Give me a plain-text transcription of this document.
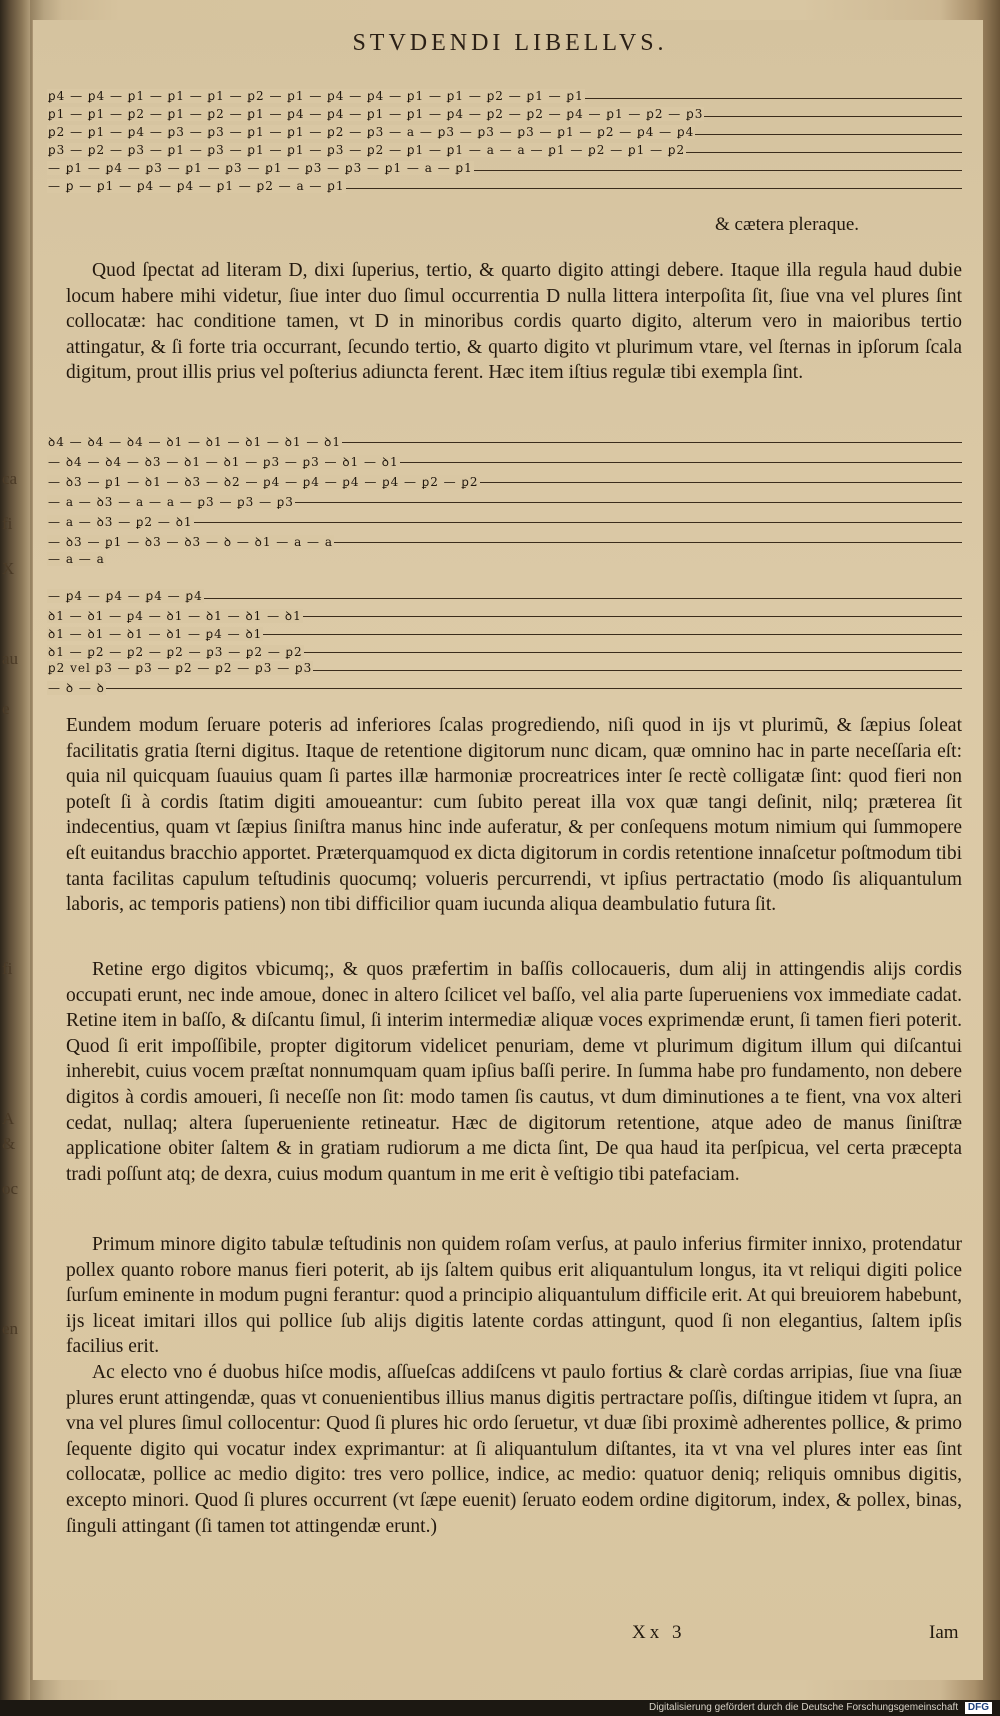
ca
fi
X
au
e
fi
A
&
oc
en
STVDENDI LIBELLVS.
ꝑ4 — ꝑ4 — ꝑ1 — ꝑ1 — ꝑ1 — ꝑ2 — ꝑ1 — ꝑ4 — ꝑ4 — ꝑ1 — ꝑ1 — ꝑ2 — ꝑ1 — ꝑ1
ꝑ1 — ꝑ1 — ꝑ2 — ꝑ1 — ꝑ2 — ꝑ1 — ꝑ4 — ꝑ4 — ꝑ1 — ꝑ1 — ꝑ4 — ꝑ2 — ꝑ2 — ꝑ4 — ꝑ1 — ꝑ2 — ꝑ3
ꝑ2 — ꝑ1 — ꝑ4 — ꝑ3 — ꝑ3 — ꝑ1 — ꝑ1 — ꝑ2 — ꝑ3 — a — ꝑ3 — ꝑ3 — ꝑ3 — ꝑ1 — ꝑ2 — ꝑ4 — ꝑ4
ꝑ3 — ꝑ2 — ꝑ3 — ꝑ1 — ꝑ3 — ꝑ1 — ꝑ1 — ꝑ3 — ꝑ2 — ꝑ1 — ꝑ1 — a — a — ꝑ1 — ꝑ2 — ꝑ1 — ꝑ2
— ꝑ1 — ꝑ4 — ꝑ3 — ꝑ1 — ꝑ3 — ꝑ1 — ꝑ3 — ꝑ3 — ꝑ1 — a — ꝑ1
— ꝑ — ꝑ1 — ꝑ4 — ꝑ4 — ꝑ1 — ꝑ2 — a — ꝑ1
& cætera pleraque.
Quod ſpectat ad literam D, dixi ſuperius, tertio, & quarto digito attingi debere. Itaque illa regula haud dubie locum habere mihi videtur, ſiue inter duo ſimul occurrentia D nulla littera interpoſita ſit, ſiue vna vel plures ſint collocatæ: hac conditione tamen, vt D in minoribus cordis quarto digito, alterum vero in maioribus tertio attingatur, & ſi forte tria occurrant, ſecundo tertio, & quarto digito vt plurimum vtare, vel ſternas in ipſorum ſcala digitum, prout illis prius vel poſterius adiuncta ferent. Hæc item iſtius regulæ tibi exempla ſint.
ꝺ4 — ꝺ4 — ꝺ4 — ꝺ1 — ꝺ1 — ꝺ1 — ꝺ1 — ꝺ1
— ꝺ4 — ꝺ4 — ꝺ3 — ꝺ1 — ꝺ1 — ꝑ3 — ꝑ3 — ꝺ1 — ꝺ1
— ꝺ3 — ꝑ1 — ꝺ1 — ꝺ3 — ꝺ2 — ꝑ4 — ꝑ4 — ꝑ4 — ꝑ4 — ꝑ2 — ꝑ2
— a — ꝺ3 — a — a — ꝑ3 — ꝑ3 — ꝑ3
— a — ꝺ3 — ꝑ2 — ꝺ1
— ꝺ3 — ꝑ1 — ꝺ3 — ꝺ3 — ꝺ — ꝺ1 — a — a
— a — a
— ꝑ4 — ꝑ4 — ꝑ4 — ꝑ4
ꝺ1 — ꝺ1 — ꝑ4 — ꝺ1 — ꝺ1 — ꝺ1 — ꝺ1
ꝺ1 — ꝺ1 — ꝺ1 — ꝺ1 — ꝑ4 — ꝺ1
ꝺ1 — ꝑ2 — ꝑ2 — ꝑ2 — ꝑ3 — ꝑ2 — ꝑ2
ꝑ2 vel ꝑ3 — ꝑ3 — ꝑ2 — ꝑ2 — ꝑ3 — ꝑ3
— ꝺ — ꝺ
Eundem modum ſeruare poteris ad inferiores ſcalas progrediendo, niſi quod in ijs vt plurimũ, & ſæpius ſoleat facilitatis gratia ſterni digitus. Itaque de retentione digitorum nunc dicam, quæ omnino hac in parte neceſſaria eſt: quia nil quicquam ſuauius quam ſi partes illæ harmoniæ procreatrices inter ſe rectè colligatæ ſint: quod fieri non poteſt ſi à cordis ſtatim digiti amoueantur: cum ſubito pereat illa vox quæ tangi deſinit, nilq; præterea ſit indecentius, quam vt ſæpius ſiniſtra manus hinc inde auferatur, & per conſequens motum nimium qui ſummopere eſt euitandus bracchio apportet. Præterquamquod ex dicta digitorum in cordis retentione innaſcetur poſtmodum tibi tanta facilitas capulum teſtudinis quocumq; volueris percurrendi, vt ipſius pertractatio (modo ſis aliquantulum laboris, ac temporis patiens) non tibi difficilior quam iucunda aliqua deambulatio futura ſit.
Retine ergo digitos vbicumq;, & quos præfertim in baſſis collocaueris, dum alij in attingendis alijs cordis occupati erunt, nec inde amoue, donec in altero ſcilicet vel baſſo, vel alia parte ſuperueniens vox immediate cadat. Retine item in baſſo, & diſcantu ſimul, ſi interim intermediæ aliquæ voces exprimendæ erunt, ſi tamen fieri poterit. Quod ſi erit impoſſibile, propter digitorum videlicet penuriam, deme vt plurimum digitum illum qui diſcantui inherebit, cuius vocem præſtat nonnumquam quam ipſius baſſi perire. In ſumma habe pro fundamento, non debere digitos à cordis amoueri, ſi neceſſe non ſit: modo tamen ſis cautus, vt dum diminutiones a te fient, vna vox alteri cedat, nullaq; altera ſuperueniente retineatur. Hæc de digitorum retentione, atque adeo de manus ſiniſtræ applicatione obiter ſaltem & in gratiam rudiorum a me dicta ſint, De qua haud ita perſpicua, vel certa præcepta tradi poſſunt atq; de dexra, cuius modum quantum in me erit è veſtigio tibi patefaciam.
Primum minore digito tabulæ teſtudinis non quidem roſam verſus, at paulo inferius firmiter innixo, protendatur pollex quanto robore manus fieri poterit, ab ijs ſaltem quibus erit aliquantulum longus, ita vt reliqui digiti police ſurſum eminente in modum pugni ferantur: quod a principio aliquantulum difficile erit. At qui breuiorem habebunt, ijs liceat imitari illos qui pollice ſub alijs digitis latente cordas attingunt, quod ſi non elegantius, ſaltem ipſis facilius erit.
Ac electo vno é duobus hiſce modis, aſſueſcas addiſcens vt paulo fortius & clarè cordas arripias, ſiue vna ſiuæ plures erunt attingendæ, quas vt conuenientibus illius manus digitis pertractare poſſis, diſtingue itidem vt ſupra, an vna vel plures ſimul collocentur: Quod ſi plures hic ordo ſeruetur, vt duæ ſibi proximè adherentes pollice, & primo ſequente digito qui vocatur index exprimantur: at ſi aliquantulum diſtantes, ita vt vna vel plures inter eas ſint collocatæ, pollice ac medio digito: tres vero pollice, indice, ac medio: quatuor deniq; reliquis omnibus digitis, excepto minori. Quod ſi plures occurrent (vt ſæpe euenit) ſeruato eodem ordine digitorum, index, & pollex, binas, ſinguli attingant (ſi tamen tot attingendæ erunt.)
Xx 3	Iam
Digitalisierung gefördert durch die Deutsche Forschungsgemeinschaft DFG
